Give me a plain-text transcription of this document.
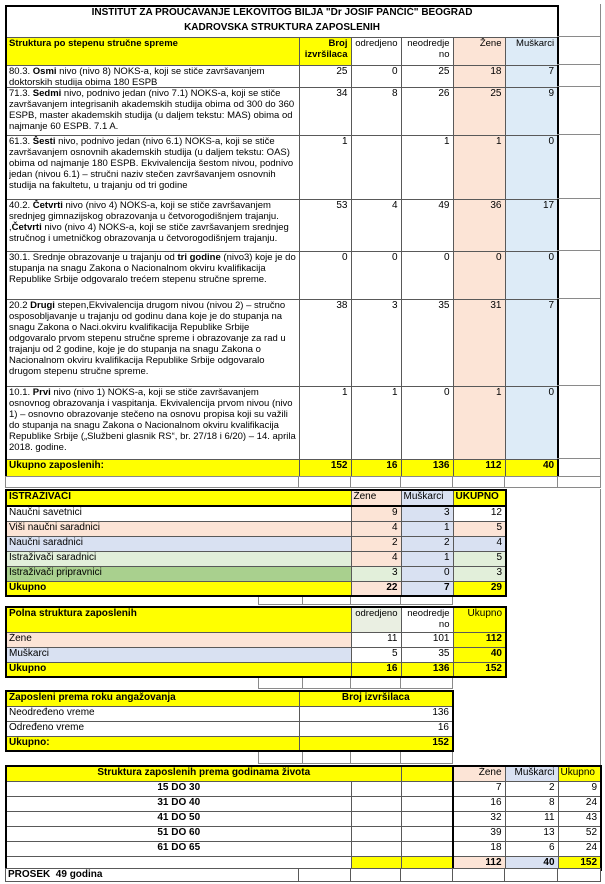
INSTITUT ZA PROUČAVANJE LEKOVITOG BILJA "Dr JOSIF PANČIĆ" BEOGRAD					
KADROVSKA STRUKTURA ZAPOSLENIH					
Struktura po stepenu stručne spreme	Broj izvršilaca	odredjeno	neodredjeno	Žene	Muškarci

80.3. Osmi nivo (nivo 8) NOKS-a, koji se stiče završavanjem doktorskih studija obima 180 ESPB	25	0	25	18	7

71.3. Sedmi nivo, podnivo jedan (nivo 7.1) NOKS-a, koji se stiče završavanjem integrisanih akademskih studija obima od 300 do 360 ESPB, master akademskih studija (u daljem tekstu: MAS) obima od najmanje 60 ESPB. 7.1 A.	34	8	26	25	9

61.3. Šesti nivo, podnivo jedan (nivo 6.1) NOKS-a, koji se stiče završavanjem osnovnih akademskih studija (u daljem tekstu: OAS) obima od najmanje 180 ESPB. Ekvivalencija šestom nivou, podnivo jedan (nivou 6.1) – stručni naziv stečen završavanjem osnovnih studija na fakultetu, u trajanju od tri godine	1		1	1	0

40.2. Četvrti nivo (nivo 4) NOKS-a, koji se stiče završavanjem srednjeg gimnazijskog obrazovanja u četvorogodišnjem trajanju. ,Četvrti nivo (nivo 4) NOKS-a, koji se stiče završavanjem srednjeg stručnog i umetničkog obrazovanja u četvorogodišnjem trajanju.	53	4	49	36	17

30.1. Srednje obrazovanje u trajanju od tri godine (nivo3) koje je do stupanja na snagu Zakona o Nacionalnom okviru kvalifikacija Republike Srbije odgovaralo trećem stepenu stručne spreme.	0	0	0	0	0

20.2 Drugi stepen,Ekvivalencija drugom nivou (nivou 2) – stručno osposobljavanje u trajanju od godinu dana koje je do stupanja na snagu Zakona o Naci.okviru kvalifikacija Republike Srbije odgovaralo prvom stepenu stručne spreme i obrazovanje za rad u trajanju od 2 godine, koje je do stupanja na snagu Zakona o Nacionalnom okviru kvalifikacija Republike Srbije odgovaralo drugom stepenu stručne spreme.	38	3	35	31	7

10.1. Prvi nivo (nivo 1) NOKS-a, koji se stiče završavanjem osnovnog obrazovanja i vaspitanja. Ekvivalencija prvom nivou (nivo 1) – osnovno obrazovanje stečeno na osnovu propisa koji su važili do stupanja na snagu Zakona o Nacionalnom okviru kvalifikacija Republike Srbije („Službeni glasnik RS“, br. 27/18 i 6/20) – 14. aprila 2018. godine.	1	1	0	1	0
Ukupno zaposlenih:	152	16	136	112	40

ISTRAŽIVAČI	Žene	Muškarci	UKUPNO
Naučni savetnici	9	3	12
Viši naučni saradnici	4	1	5
Naučni saradnici	2	2	4
Istraživači saradnici	4	1	5
Istraživači pripravnici	3	0	3
Ukupno	22	7	29
Polna struktura zaposlenih	odredjeno	neodredjeno	Ukupno
Žene	11	101	112
Muškarci	5	35	40
Ukupno	16	136	152
Zaposleni prema roku angažovanja	Broj izvršilaca
Neodređeno vreme	136
Određeno vreme	16
Ukupno:	152
Struktura zaposlenih prema godinama života			Žene	Muškarci	Ukupno
15 DO 30			7	2	9
31 DO 40			16	8	24
41 DO 50			32	11	43
51 DO 60			39	13	52
61 DO 65			18	6	24
			112	40	152
PROSEK  49 godina						
